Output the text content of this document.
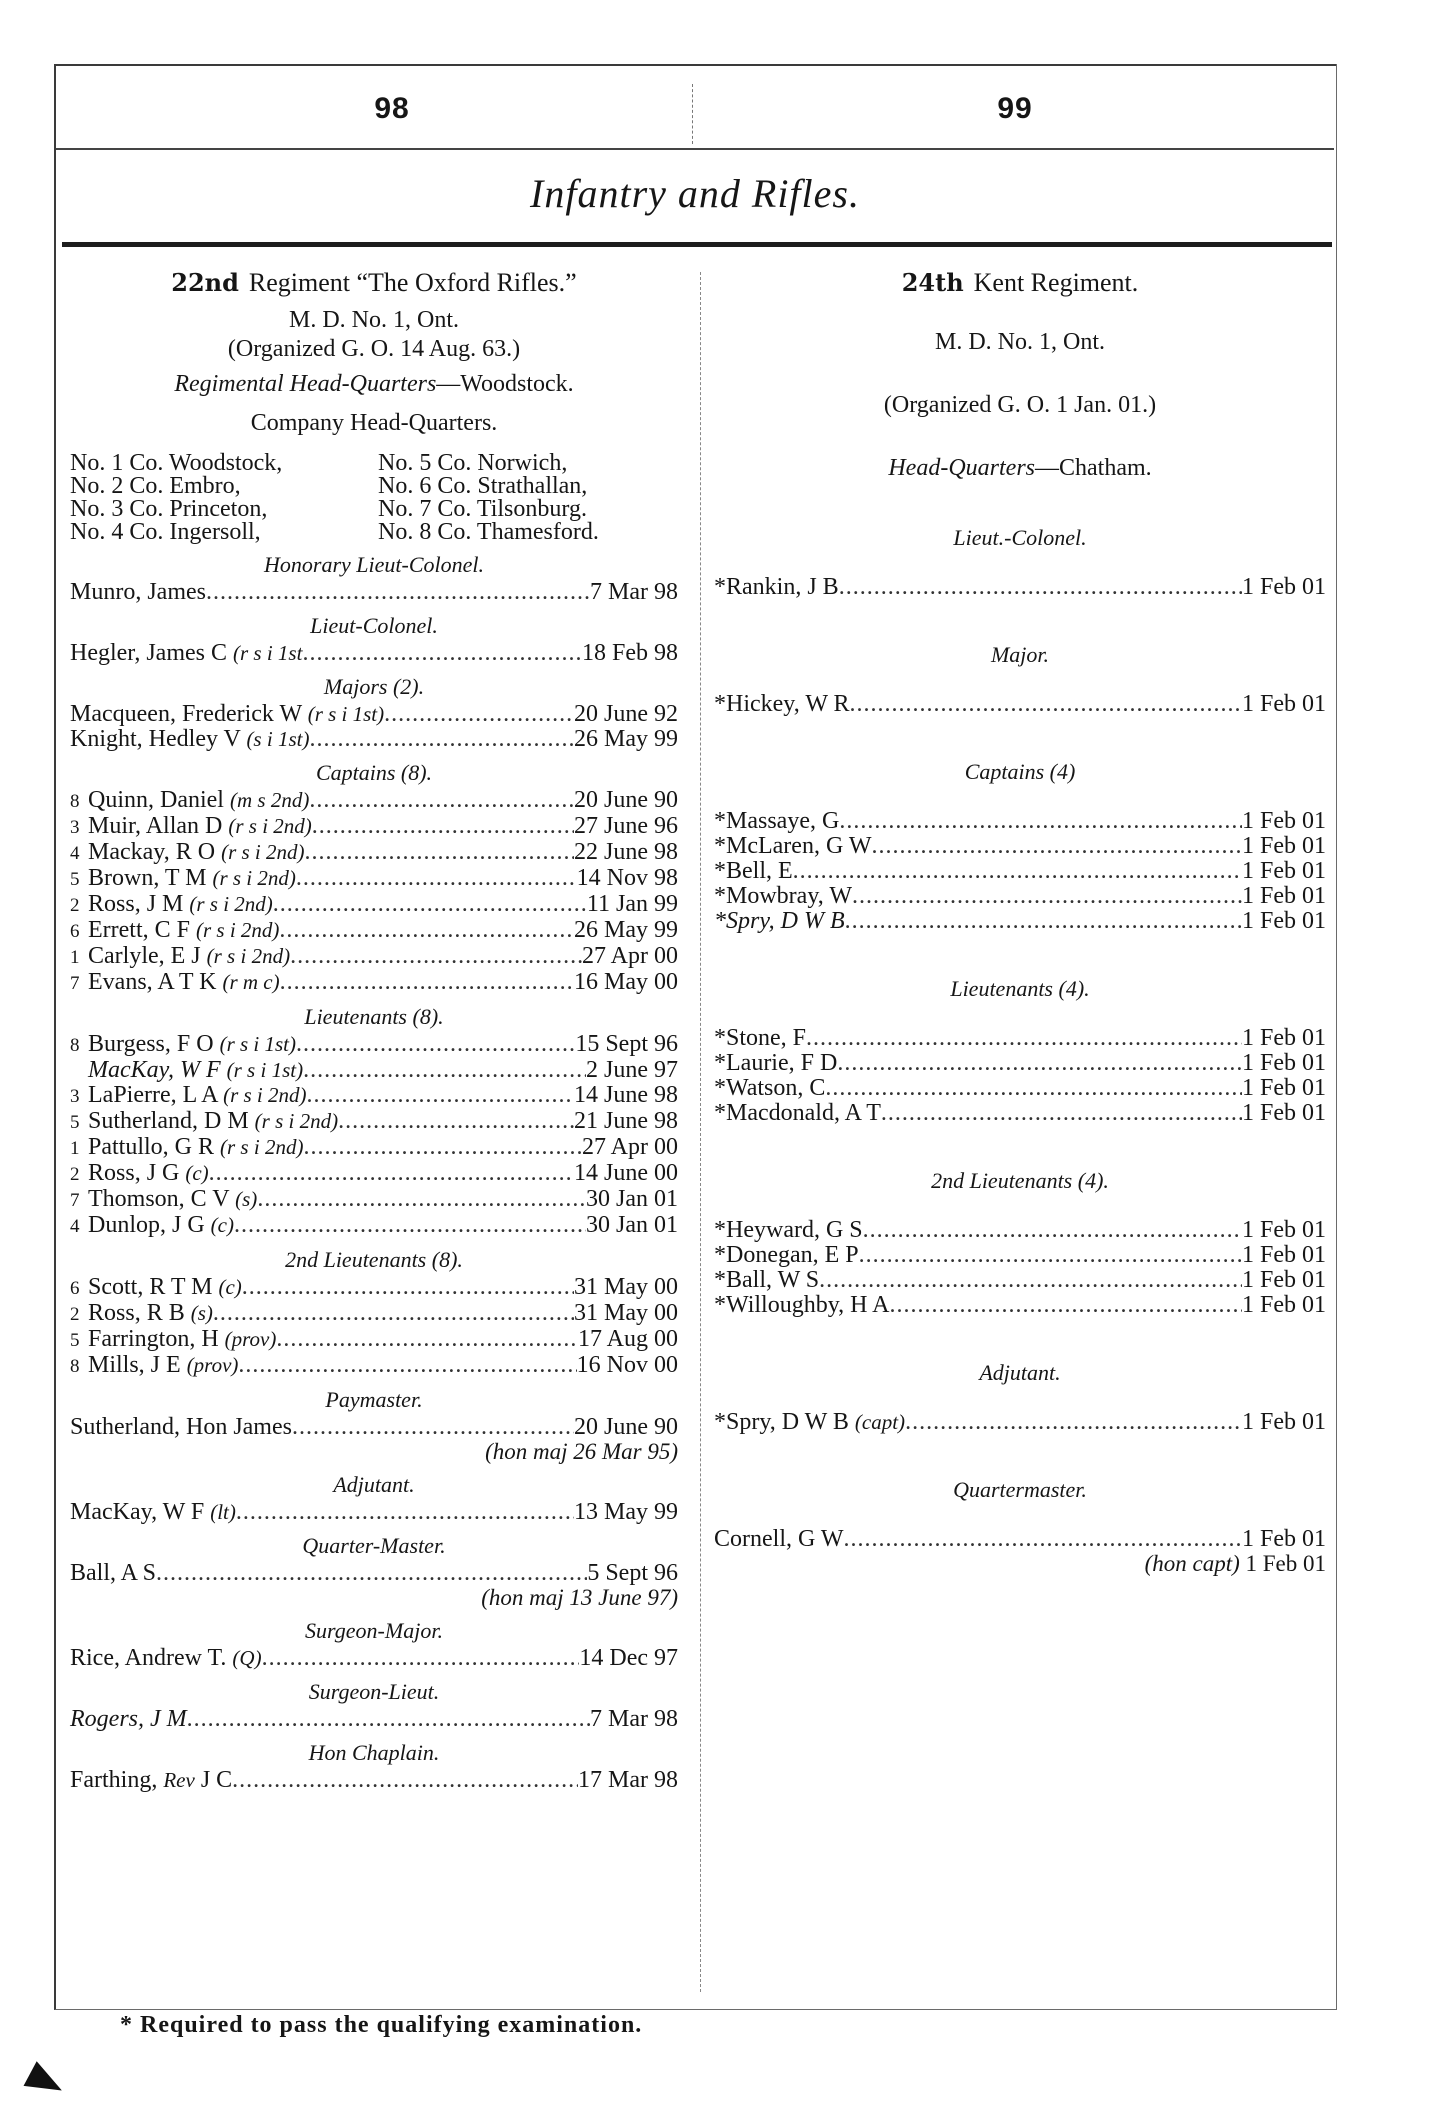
98	99
Infantry and Rifles.
22nd Regiment “The Oxford Rifles.”
M. D. No. 1, Ont.
(Organized G. O. 14 Aug. 63.)
Regimental Head-Quarters—Woodstock.
Company Head-Quarters.
No. 1 Co. Woodstock,	No. 5 Co. Norwich,
No. 2 Co. Embro,	No. 6 Co. Strathallan,
No. 3 Co. Princeton,	No. 7 Co. Tilsonburg.
No. 4 Co. Ingersoll,	No. 8 Co. Thamesford.
Honorary Lieut-Colonel.
Munro, James .....	7 Mar 98
Lieut-Colonel.
Hegler, James C (r s i 1st .....	18 Feb 98
Majors (2).
Macqueen, Frederick W (r s i 1st) .....	20 June 92
Knight, Hedley V (s i 1st) .....	26 May 99
Captains (8).
8 Quinn, Daniel (m s 2nd) .....	20 June 90
3 Muir, Allan D (r s i 2nd) .....	27 June 96
4 Mackay, R O (r s i 2nd) .....	22 June 98
5 Brown, T M (r s i 2nd) .....	14 Nov 98
2 Ross, J M (r s i 2nd) .....	11 Jan 99
6 Errett, C F (r s i 2nd) .....	26 May 99
1 Carlyle, E J (r s i 2nd) .....	27 Apr 00
7 Evans, A T K (r m c) .....	16 May 00
Lieutenants (8).
8 Burgess, F O (r s i 1st) .....	15 Sept 96
MacKay, W F (r s i 1st) .....	2 June 97
3 LaPierre, L A (r s i 2nd) .....	14 June 98
5 Sutherland, D M (r s i 2nd) .....	21 June 98
1 Pattullo, G R (r s i 2nd) .....	27 Apr 00
2 Ross, J G (c) .....	14 June 00
7 Thomson, C V (s) .....	30 Jan 01
4 Dunlop, J G (c) .....	30 Jan 01
2nd Lieutenants (8).
6 Scott, R T M (c) .....	31 May 00
2 Ross, R B (s) .....	31 May 00
5 Farrington, H (prov) .....	17 Aug 00
8 Mills, J E (prov) .....	16 Nov 00
Paymaster.
Sutherland, Hon James .....	20 June 90
(hon maj 26 Mar 95)
Adjutant.
MacKay, W F (lt) .....	13 May 99
Quarter-Master.
Ball, A S .....	5 Sept 96
(hon maj 13 June 97)
Surgeon-Major.
Rice, Andrew T. (Q) .....	14 Dec 97
Surgeon-Lieut.
Rogers, J M .....	7 Mar 98
Hon Chaplain.
Farthing, Rev J C .....	17 Mar 98
24th Kent Regiment.
M. D. No. 1, Ont.
(Organized G. O. 1 Jan. 01.)
Head-Quarters—Chatham.
Lieut.-Colonel.
*Rankin, J B .....	1 Feb 01
Major.
*Hickey, W R .....	1 Feb 01
Captains (4)
*Massaye, G .....	1 Feb 01
*McLaren, G W .....	1 Feb 01
*Bell, E .....	1 Feb 01
*Mowbray, W .....	1 Feb 01
*Spry, D W B .....	1 Feb 01
Lieutenants (4).
*Stone, F .....	1 Feb 01
*Laurie, F D .....	1 Feb 01
*Watson, C .....	1 Feb 01
*Macdonald, A T .....	1 Feb 01
2nd Lieutenants (4).
*Heyward, G S .....	1 Feb 01
*Donegan, E P .....	1 Feb 01
*Ball, W S .....	1 Feb 01
*Willoughby, H A .....	1 Feb 01
Adjutant.
*Spry, D W B (capt) .....	1 Feb 01
Quartermaster.
Cornell, G W .....	1 Feb 01
(hon capt) 1 Feb 01
* Required to pass the qualifying examination.
